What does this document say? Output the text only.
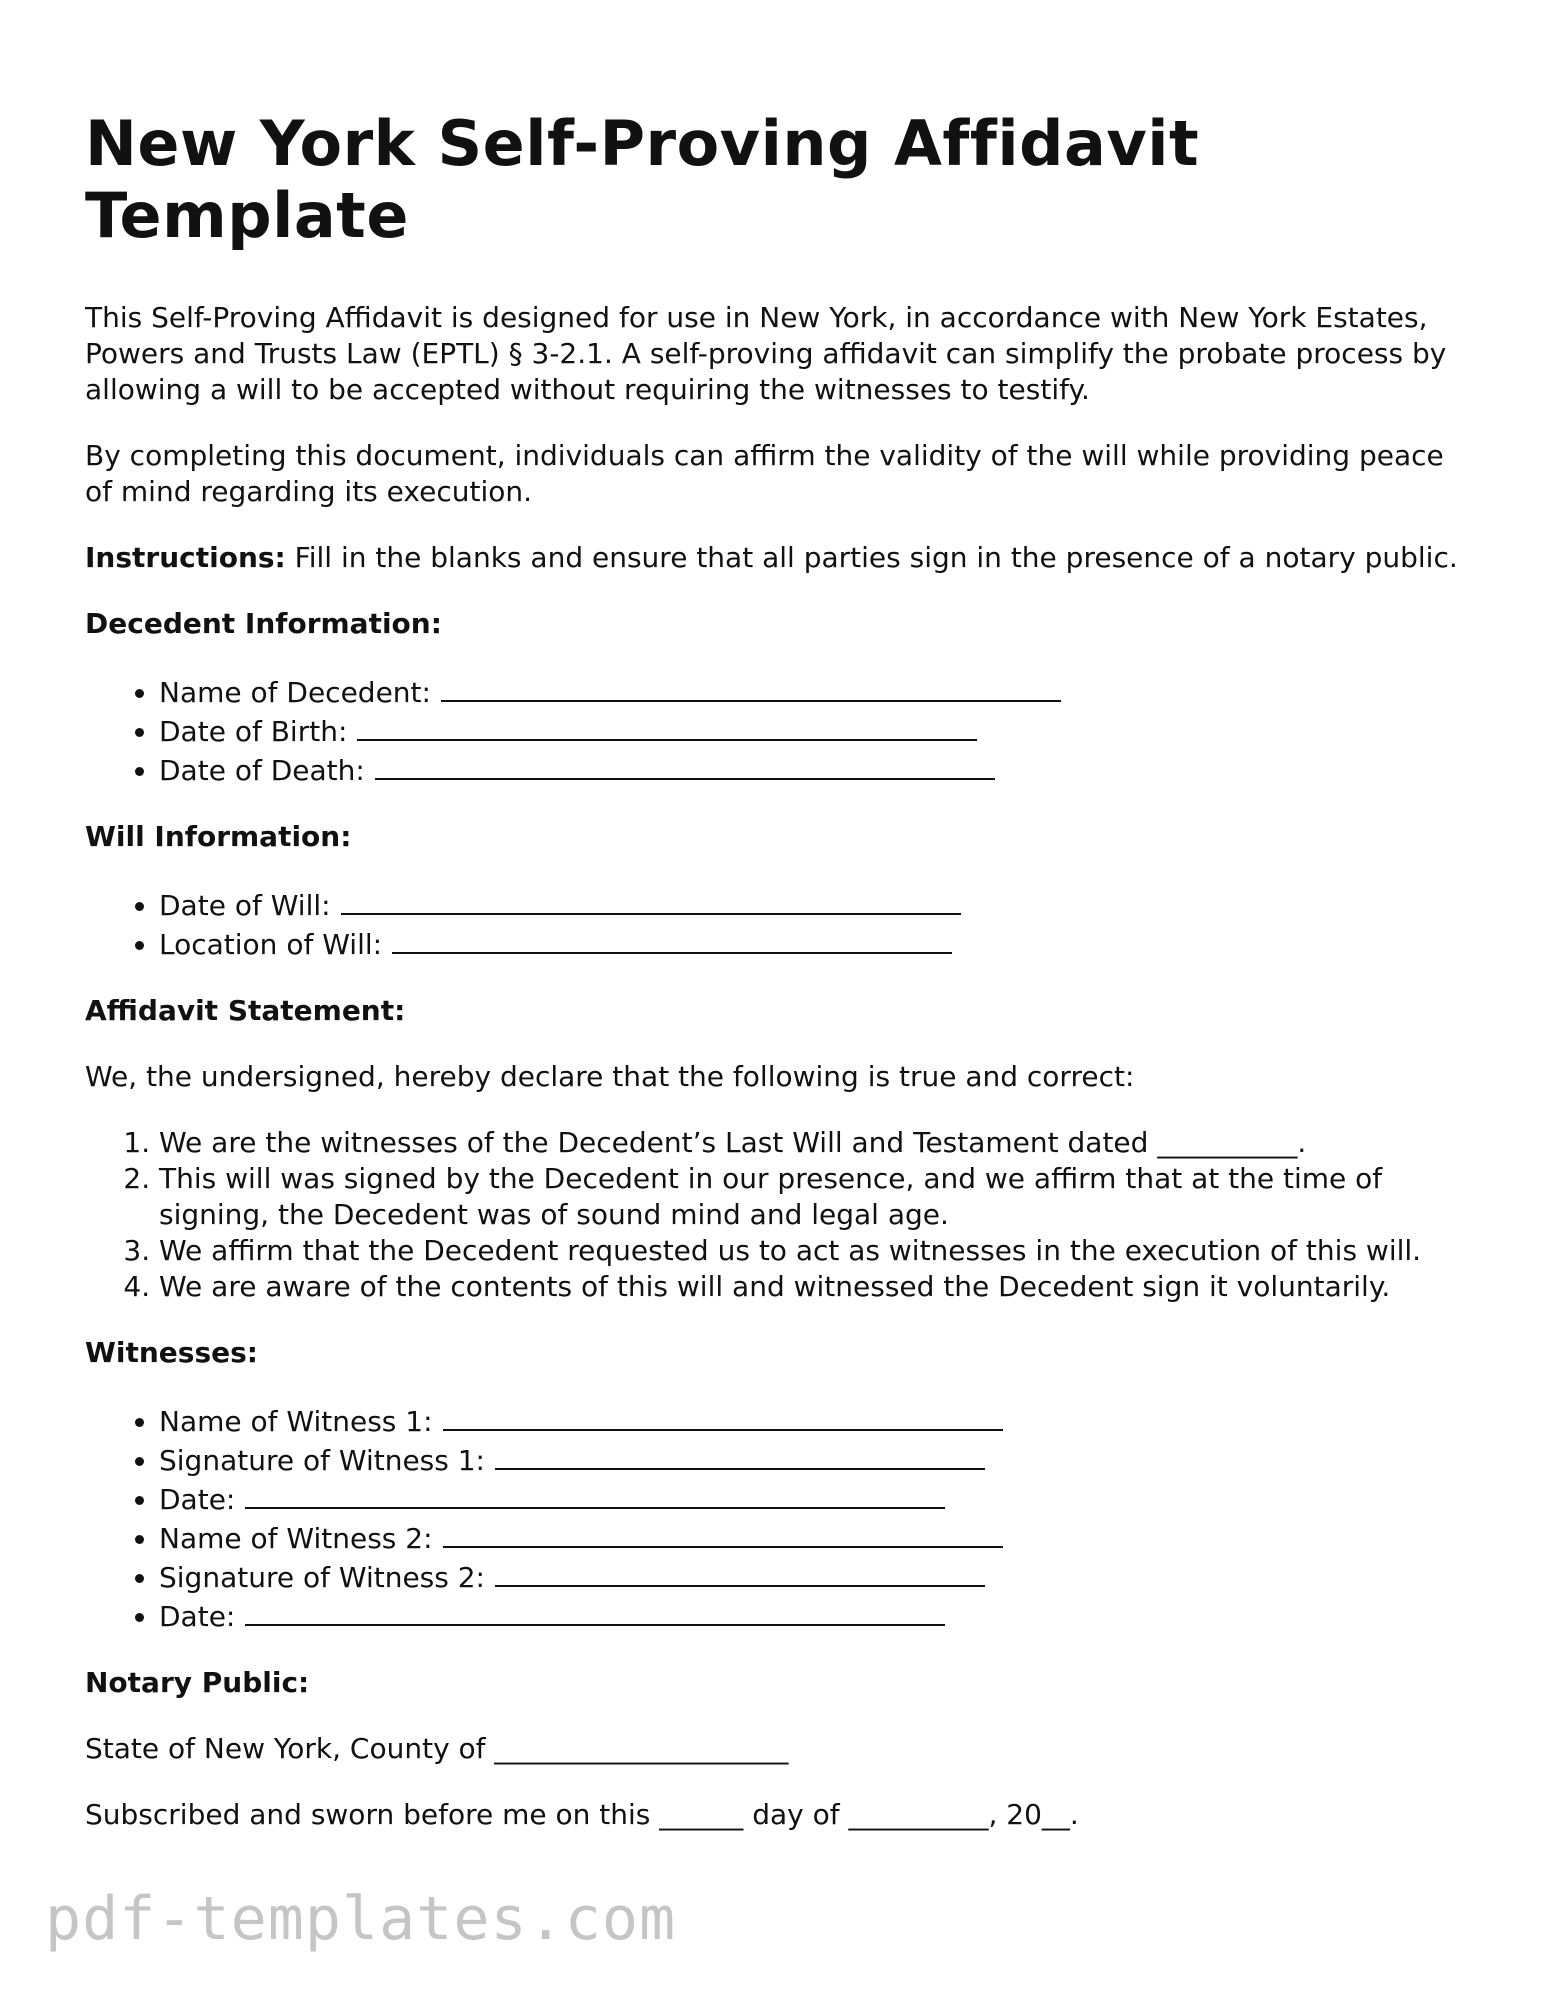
New York Self-Proving Affidavit Template

This Self-Proving Affidavit is designed for use in New York, in accordance with New York Estates, Powers and Trusts Law (EPTL) § 3-2.1. A self-proving affidavit can simplify the probate process by allowing a will to be accepted without requiring the witnesses to testify.

By completing this document, individuals can affirm the validity of the will while providing peace of mind regarding its execution.

Instructions: Fill in the blanks and ensure that all parties sign in the presence of a notary public.

Decedent Information:
• Name of Decedent:
• Date of Birth:
• Date of Death:
Will Information:
• Date of Will:
• Location of Will:
Affidavit Statement:

We, the undersigned, hereby declare that the following is true and correct:

1. We are the witnesses of the Decedent’s Last Will and Testament dated __________.
2. This will was signed by the Decedent in our presence, and we affirm that at the time of signing, the Decedent was of sound mind and legal age.
3. We affirm that the Decedent requested us to act as witnesses in the execution of this will.
4. We are aware of the contents of this will and witnessed the Decedent sign it voluntarily.
Witnesses:
• Name of Witness 1:
• Signature of Witness 1:
• Date:
• Name of Witness 2:
• Signature of Witness 2:
• Date:
Notary Public:

State of New York, County of _____________________

Subscribed and sworn before me on this ______ day of __________, 20__.

pdf-templates.com
